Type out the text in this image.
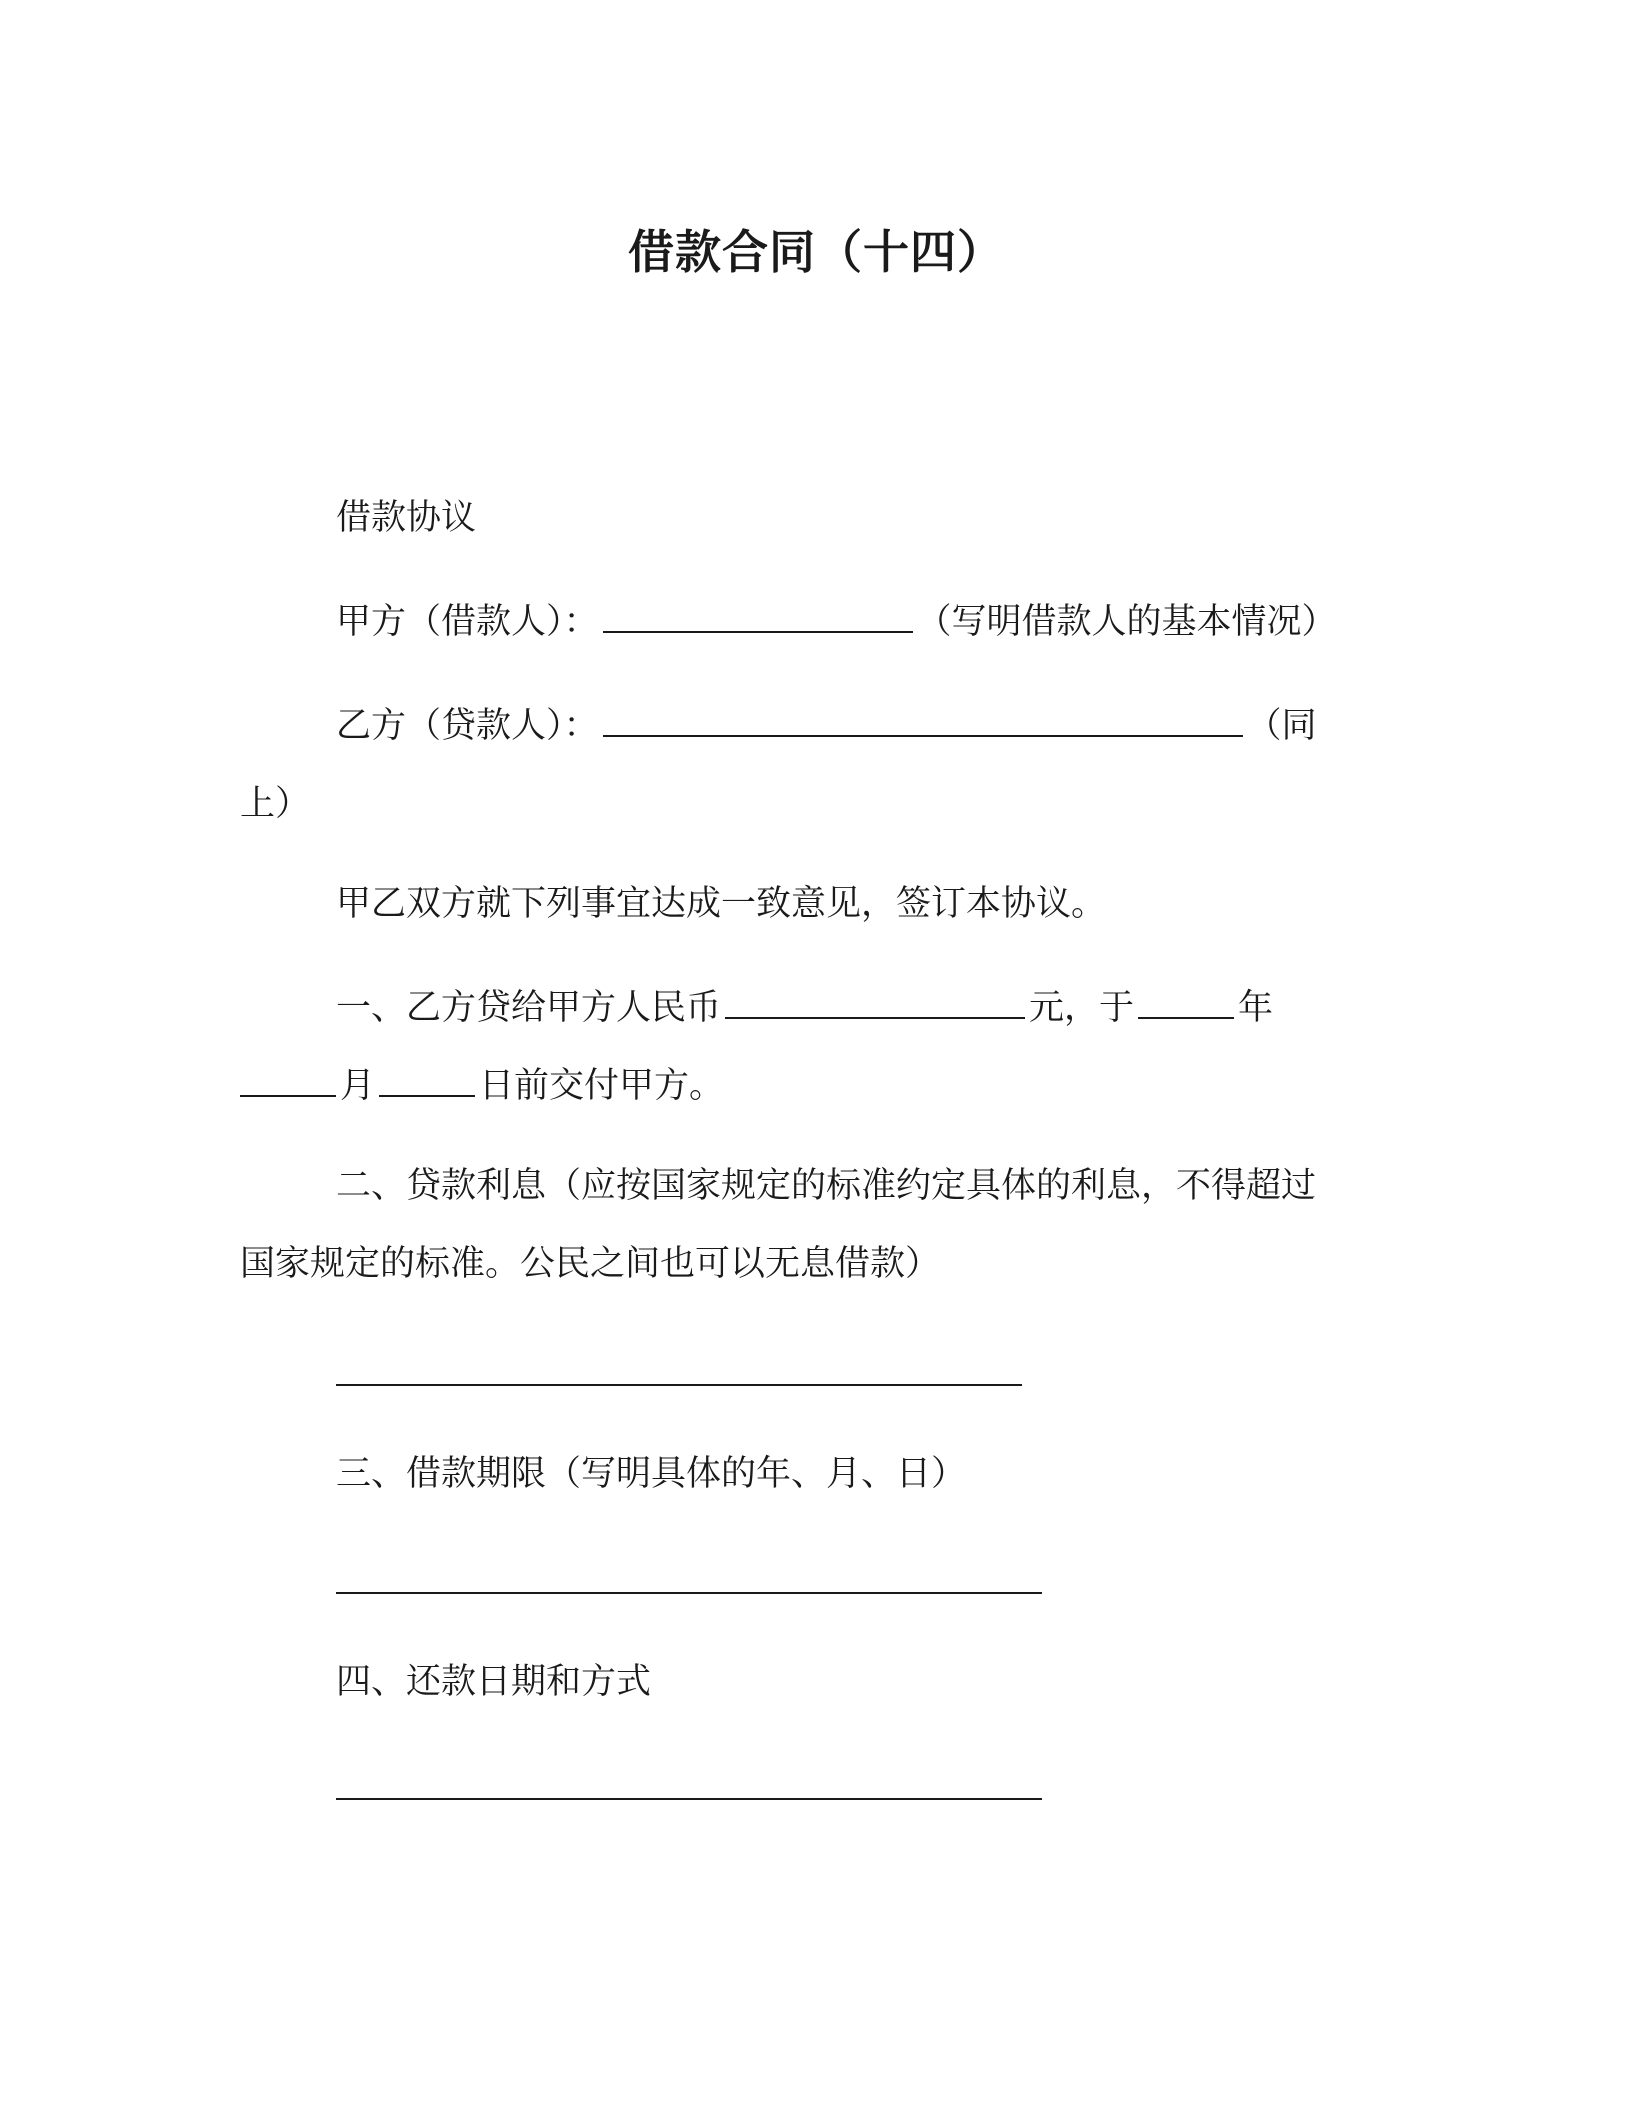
借款合同（十四）
借款协议
甲方（借款人）：	（写明借款人的基本情况）
乙方（贷款人）：	（同
上）
甲乙双方就下列事宜达成一致意见，签订本协议。
一、乙方贷给甲方人民币	元，于	年
月	日前交付甲方。
二、贷款利息（应按国家规定的标准约定具体的利息，不得超过
国家规定的标准。公民之间也可以无息借款）
三、借款期限（写明具体的年、月、日）
四、还款日期和方式
